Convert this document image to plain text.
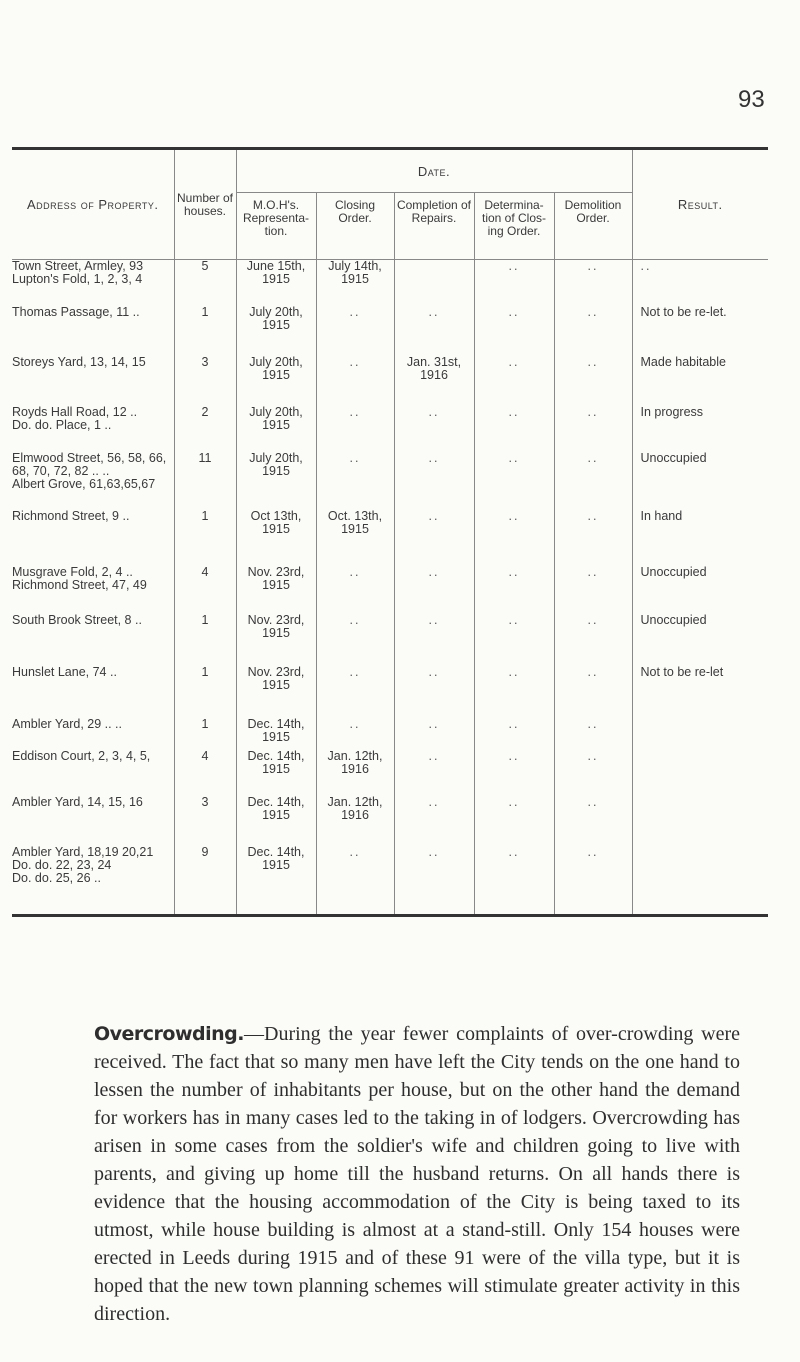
93
Address of Property.	Number of houses.	Date.					Result.
		M.O.H's. Representa- tion.	Closing Order.	Completion of Repairs.	Determina- tion of Clos- ing Order.	Demolition Order.	

Town Street, Armley, 93
Lupton's Fold, 1, 2, 3, 4	5	June 15th, 1915	July 14th, 1915		..	..	..

Thomas Passage, 11 ..	1	July 20th, 1915	..	..	..	..	Not to be re-let.

Storeys Yard, 13, 14, 15	3	July 20th, 1915	..	Jan. 31st, 1916	..	..	Made habitable

Royds Hall Road, 12 ..
Do. do. Place, 1 ..	2	July 20th, 1915	..	..	..	..	In progress

Elmwood Street, 56, 58, 66,
68, 70, 72, 82 .. ..
Albert Grove, 61,63,65,67	11	July 20th, 1915	..	..	..	..	Unoccupied

Richmond Street, 9 ..	1	Oct 13th, 1915	Oct. 13th, 1915	..	..	..	In hand

Musgrave Fold, 2, 4 ..
Richmond Street, 47, 49	4	Nov. 23rd, 1915	..	..	..	..	Unoccupied

South Brook Street, 8 ..	1	Nov. 23rd, 1915	..	..	..	..	Unoccupied

Hunslet Lane, 74 ..	1	Nov. 23rd, 1915	..	..	..	..	Not to be re-let

Ambler Yard, 29 .. ..	1	Dec. 14th, 1915	..	..	..	..	

Eddison Court, 2, 3, 4, 5,	4	Dec. 14th, 1915	Jan. 12th, 1916	..	..	..	

Ambler Yard, 14, 15, 16	3	Dec. 14th, 1915	Jan. 12th, 1916	..	..	..	

Ambler Yard, 18,19 20,21
Do. do. 22, 23, 24
Do. do. 25, 26 ..	9	Dec. 14th, 1915	..	..	..	..	

Overcrowding.—During the year fewer complaints of over-crowding were received. The fact that so many men have left the City tends on the one hand to lessen the number of inhabitants per house, but on the other hand the demand for workers has in many cases led to the taking in of lodgers. Overcrowding has arisen in some cases from the soldier's wife and children going to live with parents, and giving up home till the husband returns. On all hands there is evidence that the housing accommodation of the City is being taxed to its utmost, while house building is almost at a stand-still. Only 154 houses were erected in Leeds during 1915 and of these 91 were of the villa type, but it is hoped that the new town planning schemes will stimulate greater activity in this direction.
